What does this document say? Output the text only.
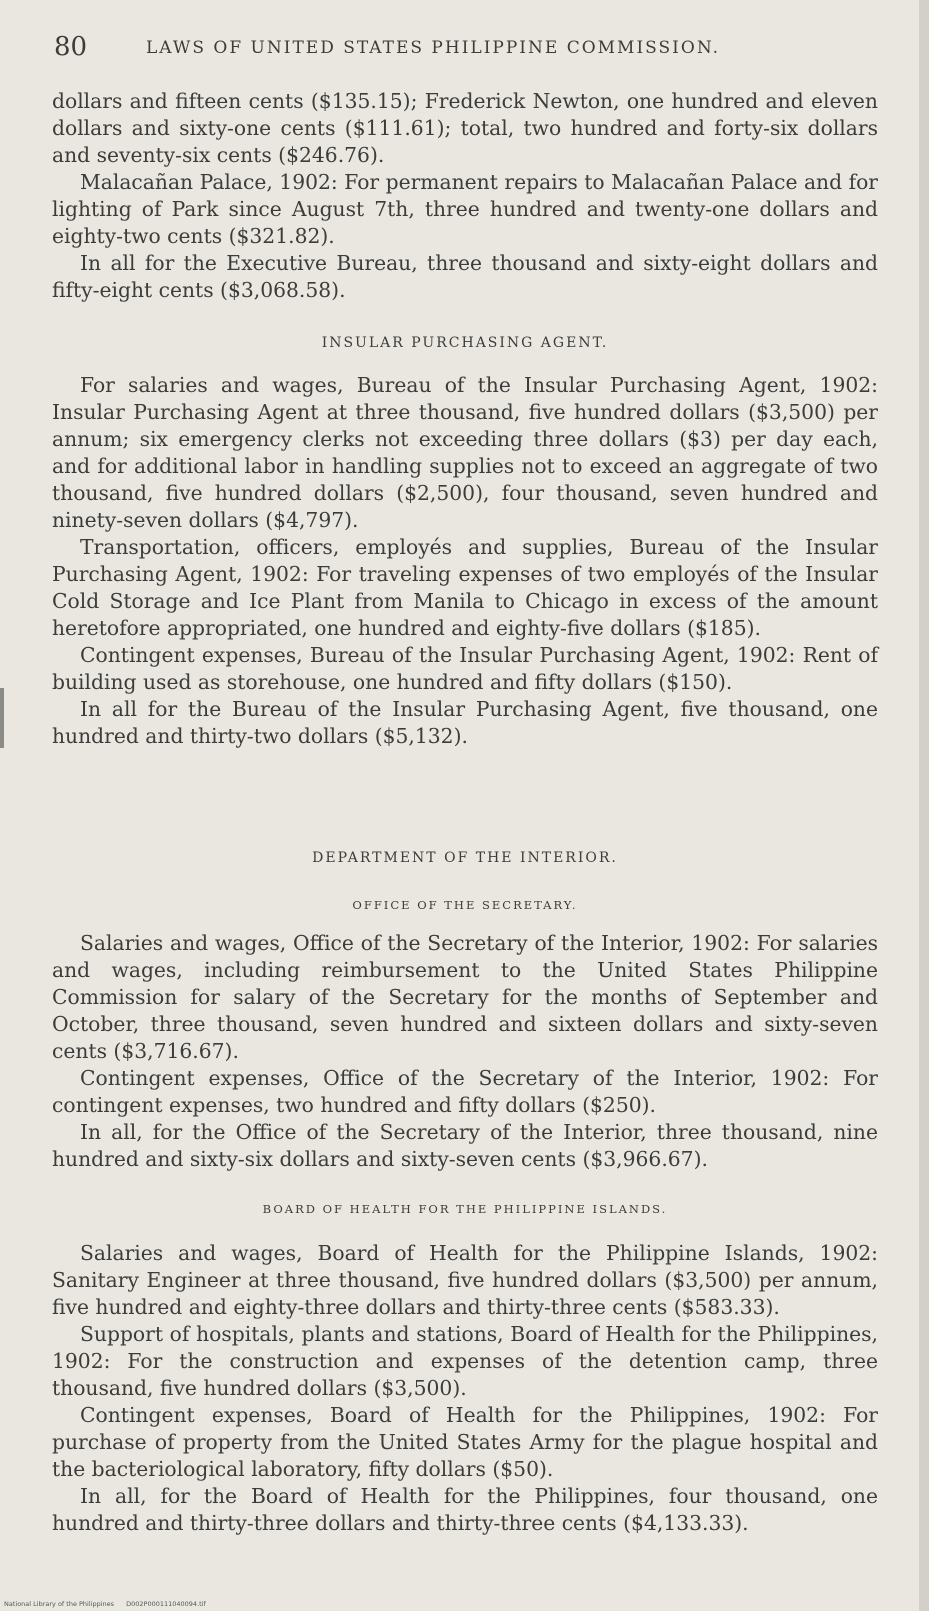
80	LAWS OF UNITED STATES PHILIPPINE COMMISSION.

dollars and fifteen cents ($135.15); Frederick Newton, one hundred and eleven dollars and sixty-one cents ($111.61); total, two hundred and forty-six dollars and seventy-six cents ($246.76).

Malacañan Palace, 1902: For permanent repairs to Malacañan Palace and for lighting of Park since August 7th, three hundred and twenty-one dollars and eighty-two cents ($321.82).

In all for the Executive Bureau, three thousand and sixty-eight dollars and fifty-eight cents ($3,068.58).

INSULAR PURCHASING AGENT.

For salaries and wages, Bureau of the Insular Purchasing Agent, 1902: Insular Purchasing Agent at three thousand, five hundred dollars ($3,500) per annum; six emergency clerks not exceeding three dollars ($3) per day each, and for additional labor in handling supplies not to exceed an aggregate of two thousand, five hundred dollars ($2,500), four thousand, seven hundred and ninety-seven dollars ($4,797).

Transportation, officers, employés and supplies, Bureau of the Insular Purchasing Agent, 1902: For traveling expenses of two employés of the Insular Cold Storage and Ice Plant from Manila to Chicago in excess of the amount heretofore appropriated, one hundred and eighty-five dollars ($185).

Contingent expenses, Bureau of the Insular Purchasing Agent, 1902: Rent of building used as storehouse, one hundred and fifty dollars ($150).

In all for the Bureau of the Insular Purchasing Agent, five thousand, one hundred and thirty-two dollars ($5,132).

DEPARTMENT OF THE INTERIOR.
OFFICE OF THE SECRETARY.

Salaries and wages, Office of the Secretary of the Interior, 1902: For salaries and wages, including reimbursement to the United States Philippine Commission for salary of the Secretary for the months of September and October, three thousand, seven hundred and sixteen dollars and sixty-seven cents ($3,716.67).

Contingent expenses, Office of the Secretary of the Interior, 1902: For contingent expenses, two hundred and fifty dollars ($250).

In all, for the Office of the Secretary of the Interior, three thousand, nine hundred and sixty-six dollars and sixty-seven cents ($3,966.67).

BOARD OF HEALTH FOR THE PHILIPPINE ISLANDS.

Salaries and wages, Board of Health for the Philippine Islands, 1902: Sanitary Engineer at three thousand, five hundred dollars ($3,500) per annum, five hundred and eighty-three dollars and thirty-three cents ($583.33).

Support of hospitals, plants and stations, Board of Health for the Philippines, 1902: For the construction and expenses of the detention camp, three thousand, five hundred dollars ($3,500).

Contingent expenses, Board of Health for the Philippines, 1902: For purchase of property from the United States Army for the plague hospital and the bacteriological laboratory, fifty dollars ($50).

In all, for the Board of Health for the Philippines, four thousand, one hundred and thirty-three dollars and thirty-three cents ($4,133.33).

National Library of the Philippines D002P000111040094.tif
